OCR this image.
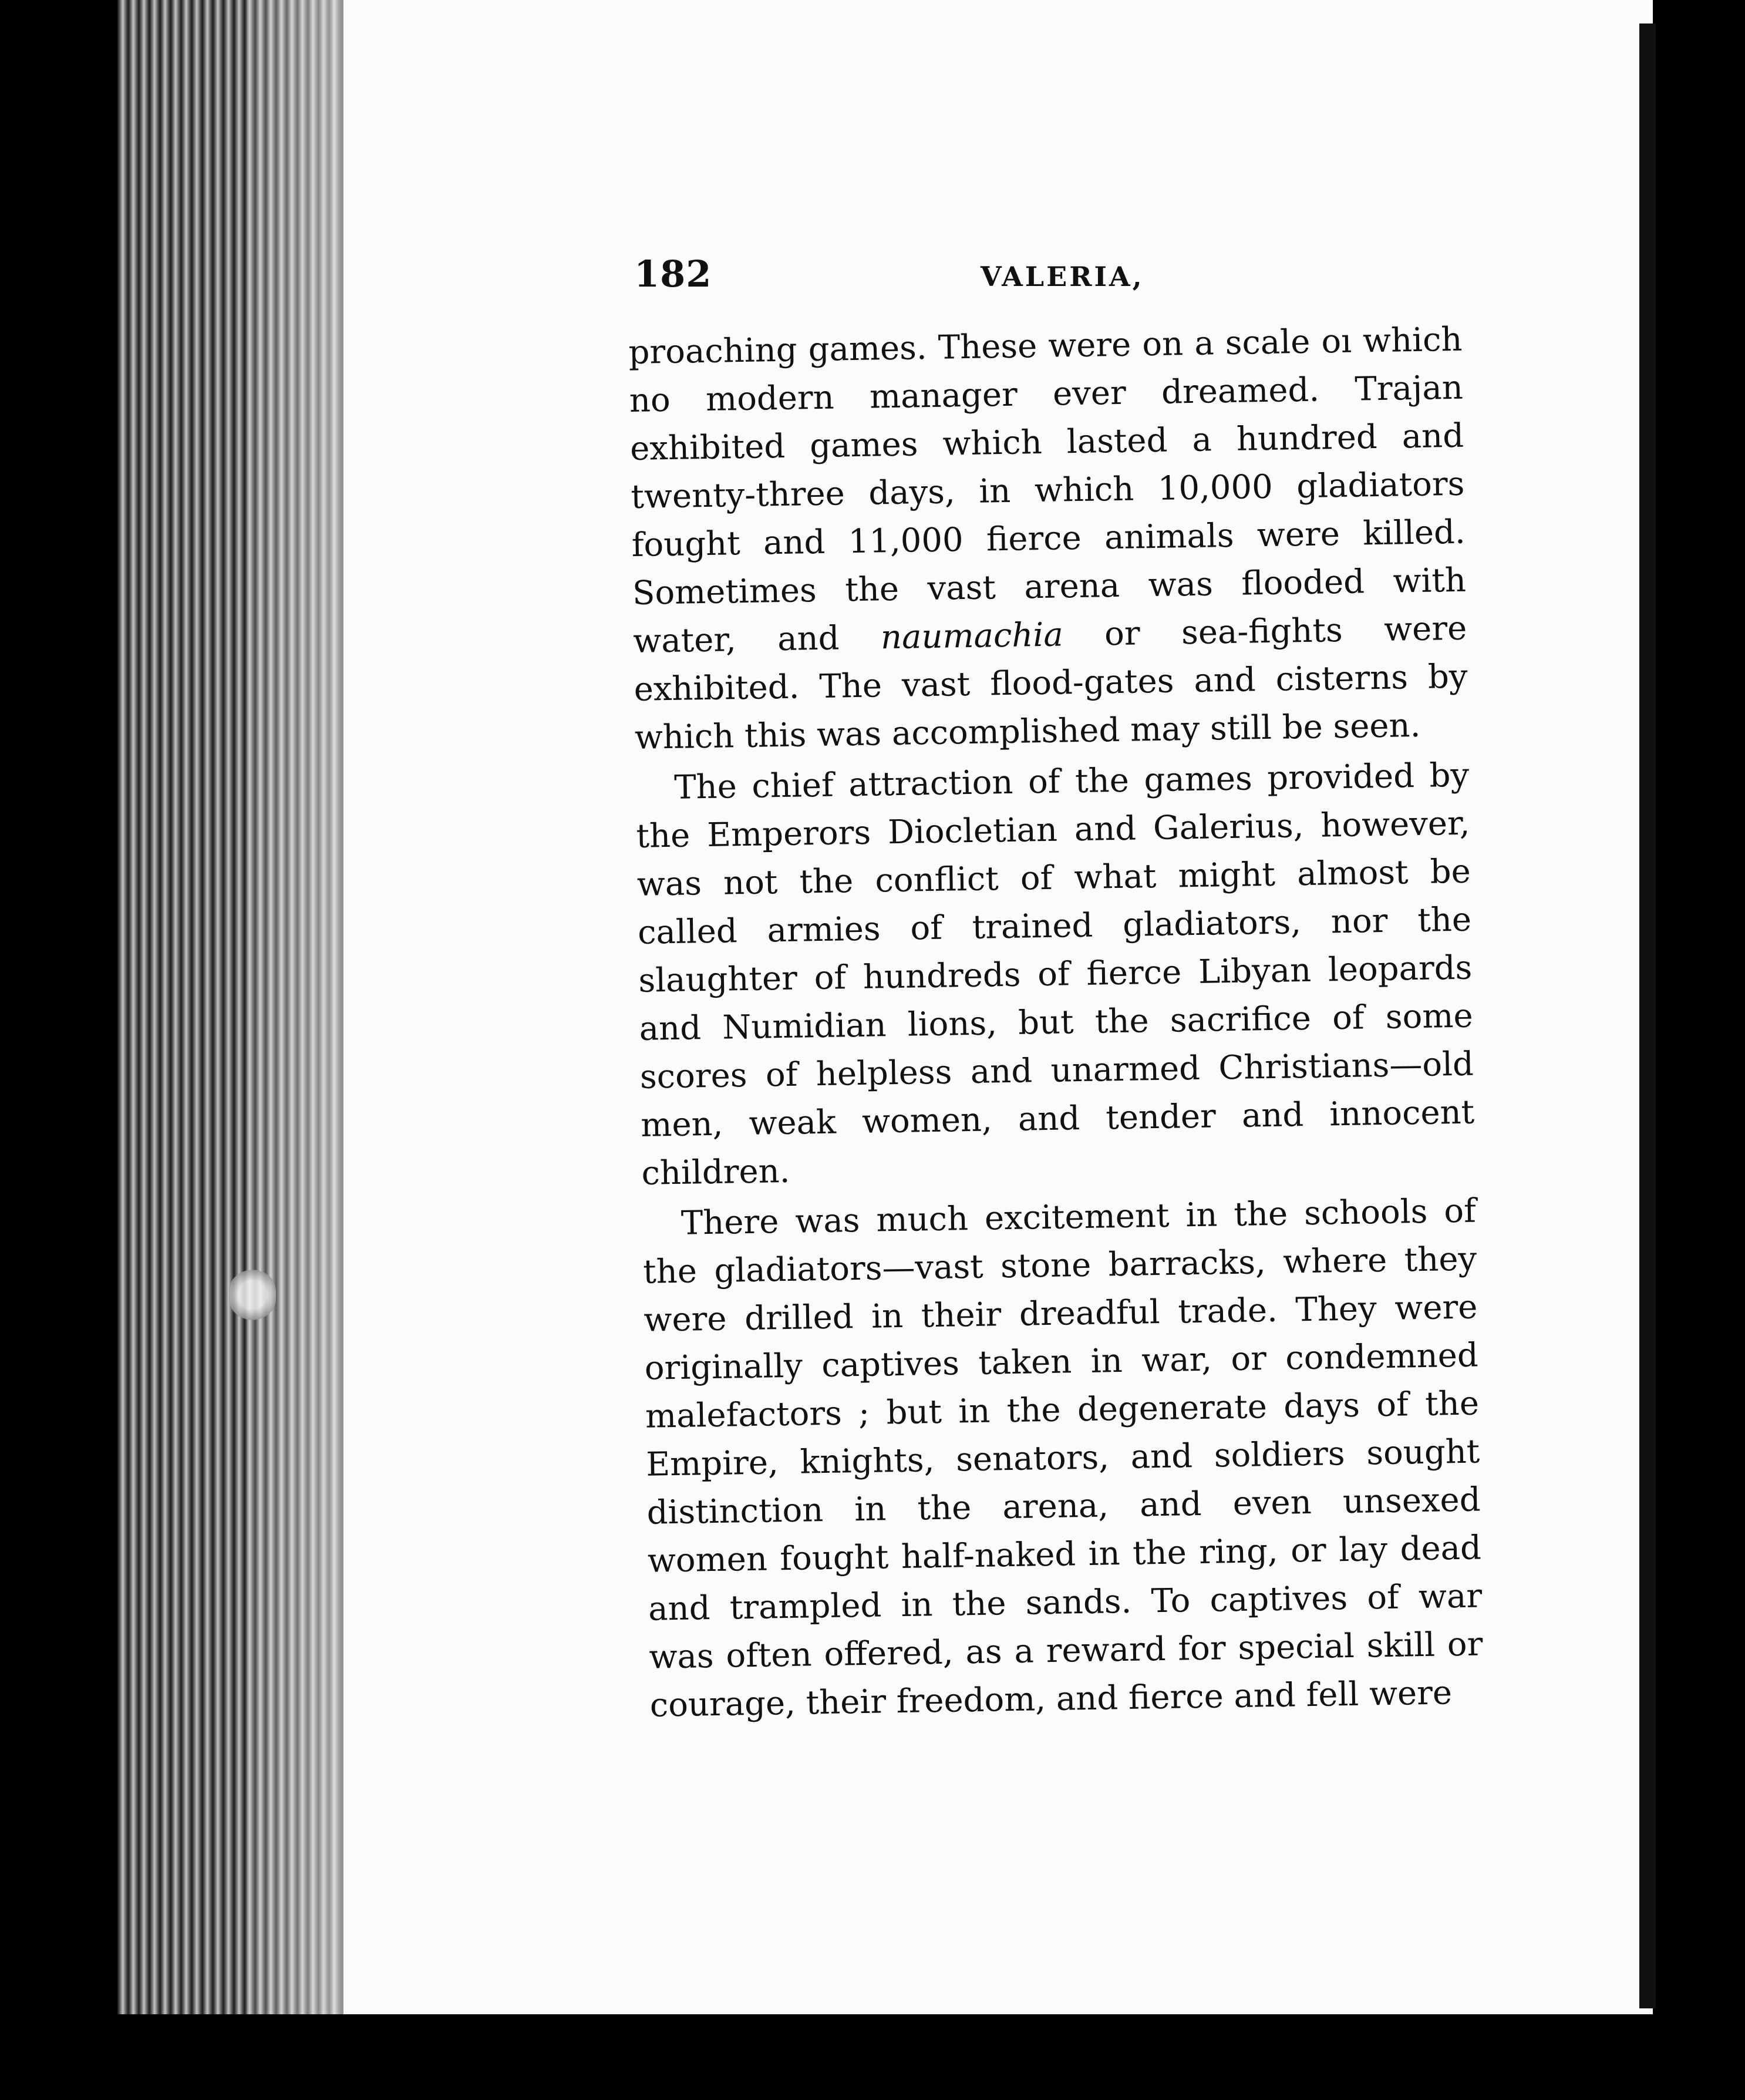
182	VALERIA,

proaching games. These were on a scale oı which no modern manager ever dreamed. Trajan exhibited games which lasted a hundred and twenty-three days, in which 10,000 gladiators fought and 11,000 fierce animals were killed. Sometimes the vast arena was flooded with water, and naumachia or sea-fights were exhibited. The vast flood-gates and cisterns by which this was accomplished may still be seen.

The chief attraction of the games provided by the Emperors Diocletian and Galerius, however, was not the conflict of what might almost be called armies of trained gladiators, nor the slaughter of hundreds of fierce Libyan leopards and Numidian lions, but the sacrifice of some scores of helpless and unarmed Christians—old men, weak women, and tender and innocent children.

There was much excitement in the schools of the gladiators—vast stone barracks, where they were drilled in their dreadful trade. They were originally captives taken in war, or condemned malefactors ; but in the degenerate days of the Empire, knights, senators, and soldiers sought distinction in the arena, and even unsexed women fought half-naked in the ring, or lay dead and trampled in the sands. To captives of war was often offered, as a reward for special skill or courage, their freedom, and fierce and fell were
